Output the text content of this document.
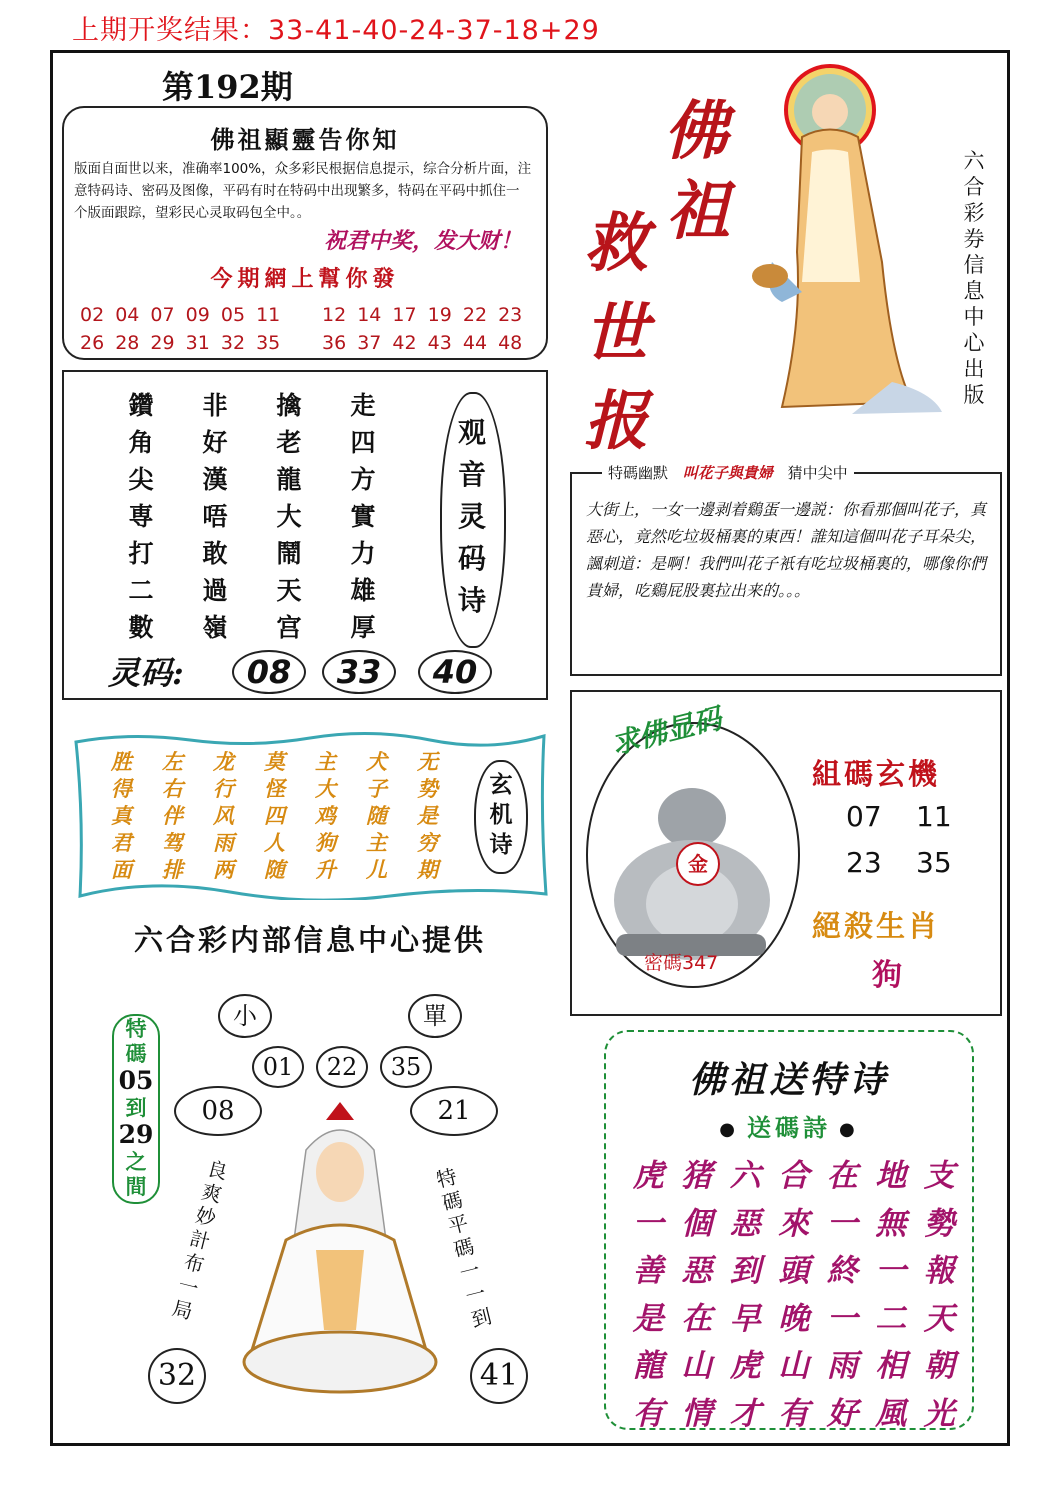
上期开奖结果：33-41-40-24-37-18+29
第192期
佛祖顯靈告你知
版面自面世以来，准确率100%，众多彩民根据信息提示，综合分析片面，注意特码诗、密码及图像，平码有时在特码中出现繁多，特码在平码中抓住一个版面跟踪，望彩民心灵取码包全中。。
祝君中奖，发大财！
今期網上幫你發
02 04 07 09 05 11 12 14 17 19 22 23
26 28 29 31 32 35 36 37 42 43 44 48
鑽	非	擒	走
角	好	老	四
尖	漢	龍	方
専	唔	大	實
打	敢	鬧	力
二	過	天	雄
數	嶺	宫	厚
观音灵码诗
灵码:	08	33	40
佛
祖
救
世
报
六合彩券信息中心出版
特碼幽默 叫花子與貴婦 猜中尖中
大街上，一女一邊剥着鷄蛋一邊説：你看那個叫花子，真惡心，竟然吃垃圾桶裏的東西！誰知這個叫花子耳朵尖，諷刺道：是啊！我們叫花子衹有吃垃圾桶裏的，哪像你們貴婦，吃鷄屁股裏拉出来的。。。
胜	左	龙	莫	主	犬	无
得	右	行	怪	大	子	势
真	伴	风	四	鸡	随	是
君	驾	雨	人	狗	主	穷
面	排	两	随	升	儿	期
玄机诗
六合彩内部信息中心提供
求佛显码
金
密碼347
組碼玄機
07 11
23 35
絕殺生肖
狗
小	單
01	22	35
08	21
32	41
特
碼
05
到
29
之
間
良爽妙計布一局
特碼平碼一一到
佛祖送特诗
● 送碼詩 ●
虎 猪 六 合 在 地 支
一 個 惡 來 一 無 勢
善 惡 到 頭 終 一 報
是 在 早 晚 一 二 天
龍 山 虎 山 雨 相 朝
有 情 才 有 好 風 光
